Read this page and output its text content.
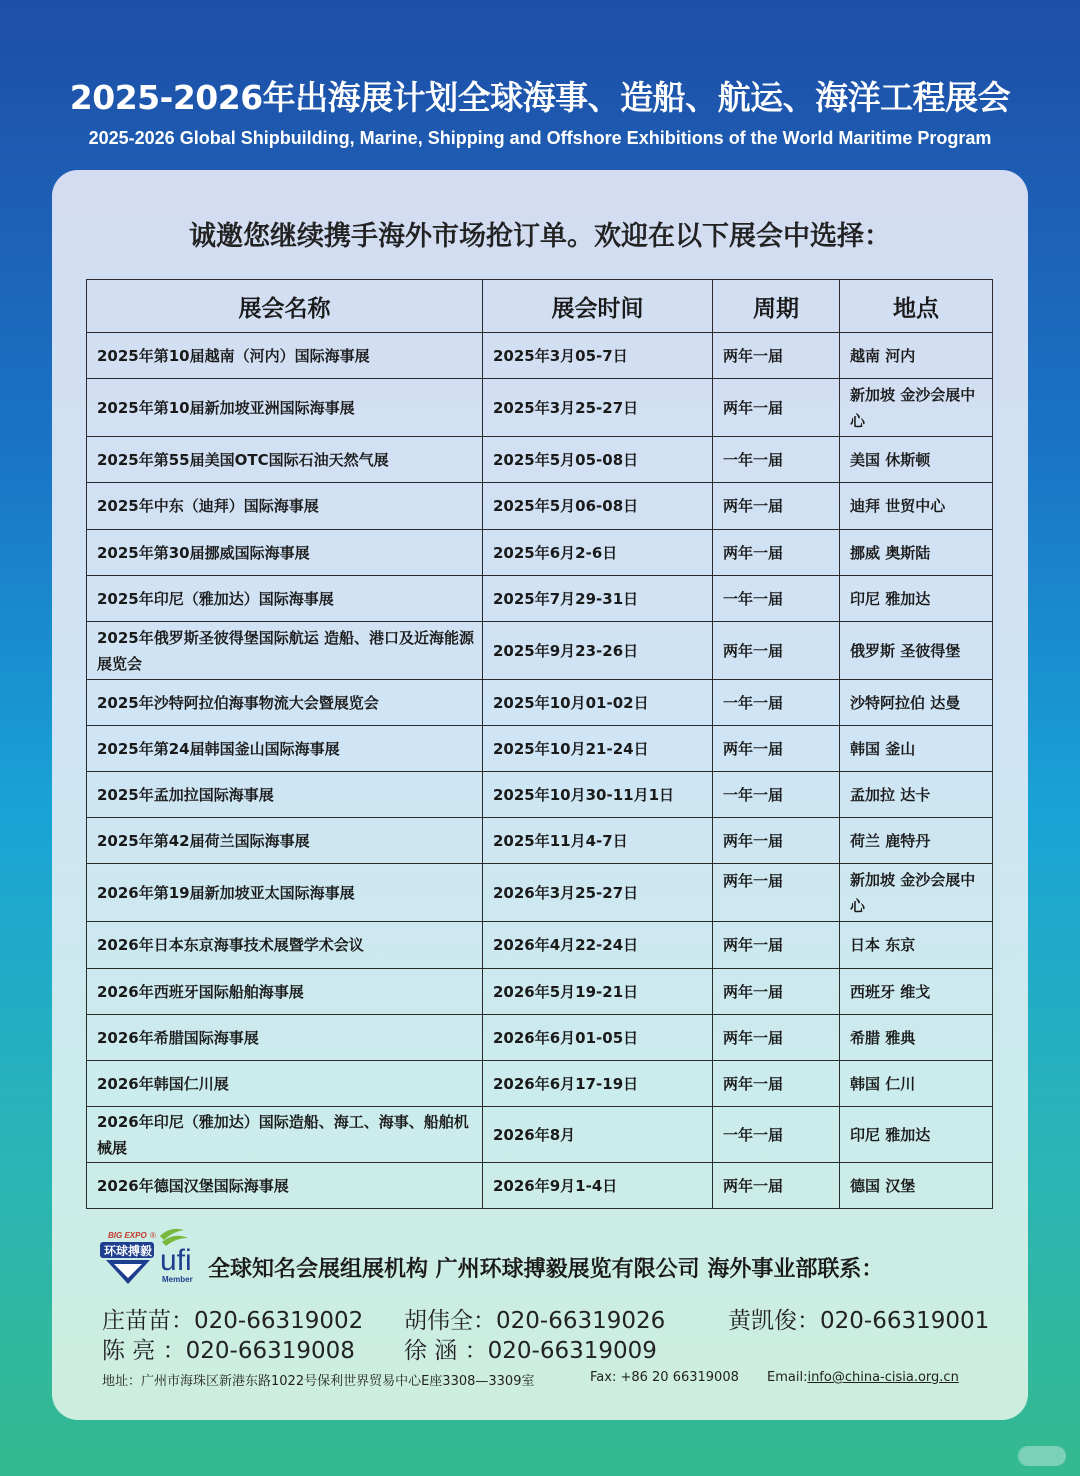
2025-2026年出海展计划全球海事、造船、航运、海洋工程展会
2025-2026 Global Shipbuilding, Marine, Shipping and Offshore Exhibitions of the World Maritime Program
诚邀您继续携手海外市场抢订单。欢迎在以下展会中选择：
展会名称	展会时间	周期	地点
2025年第10届越南（河内）国际海事展	2025年3月05-7日	两年一届	越南 河内
2025年第10届新加坡亚洲国际海事展	2025年3月25-27日	两年一届	新加坡 金沙会展中心
2025年第55届美国OTC国际石油天然气展	2025年5月05-08日	一年一届	美国 休斯顿
2025年中东（迪拜）国际海事展	2025年5月06-08日	两年一届	迪拜 世贸中心
2025年第30届挪威国际海事展	2025年6月2-6日	两年一届	挪威 奥斯陆
2025年印尼（雅加达）国际海事展	2025年7月29-31日	一年一届	印尼 雅加达
2025年俄罗斯圣彼得堡国际航运 造船、港口及近海能源展览会	2025年9月23-26日	两年一届	俄罗斯 圣彼得堡
2025年沙特阿拉伯海事物流大会暨展览会	2025年10月01-02日	一年一届	沙特阿拉伯 达曼
2025年第24届韩国釜山国际海事展	2025年10月21-24日	两年一届	韩国 釜山
2025年孟加拉国际海事展	2025年10月30-11月1日	一年一届	孟加拉 达卡
2025年第42届荷兰国际海事展	2025年11月4-7日	两年一届	荷兰 鹿特丹
2026年第19届新加坡亚太国际海事展	2026年3月25-27日	两年一届	新加坡 金沙会展中心
2026年日本东京海事技术展暨学术会议	2026年4月22-24日	两年一届	日本 东京
2026年西班牙国际船舶海事展	2026年5月19-21日	两年一届	西班牙 维戈
2026年希腊国际海事展	2026年6月01-05日	两年一届	希腊 雅典
2026年韩国仁川展	2026年6月17-19日	两年一届	韩国 仁川
2026年印尼（雅加达）国际造船、海工、海事、船舶机械展	2026年8月	一年一届	印尼 雅加达
2026年德国汉堡国际海事展	2026年9月1-4日	两年一届	德国 汉堡
BIG EXPO ®
环球搏毅 ufi
Member 全球知名会展组展机构 广州环球搏毅展览有限公司 海外事业部联系：
庄苗苗：020-66319002 胡伟全：020-66319026	黄凯俊：020-66319001
陈 亮 ：020-66319008 徐 涵 ：020-66319009
地址：广州市海珠区新港东路1022号保利世界贸易中心E座3308—3309室	Fax: +86 20 66319008 Email:info@china-cisia.org.cn
